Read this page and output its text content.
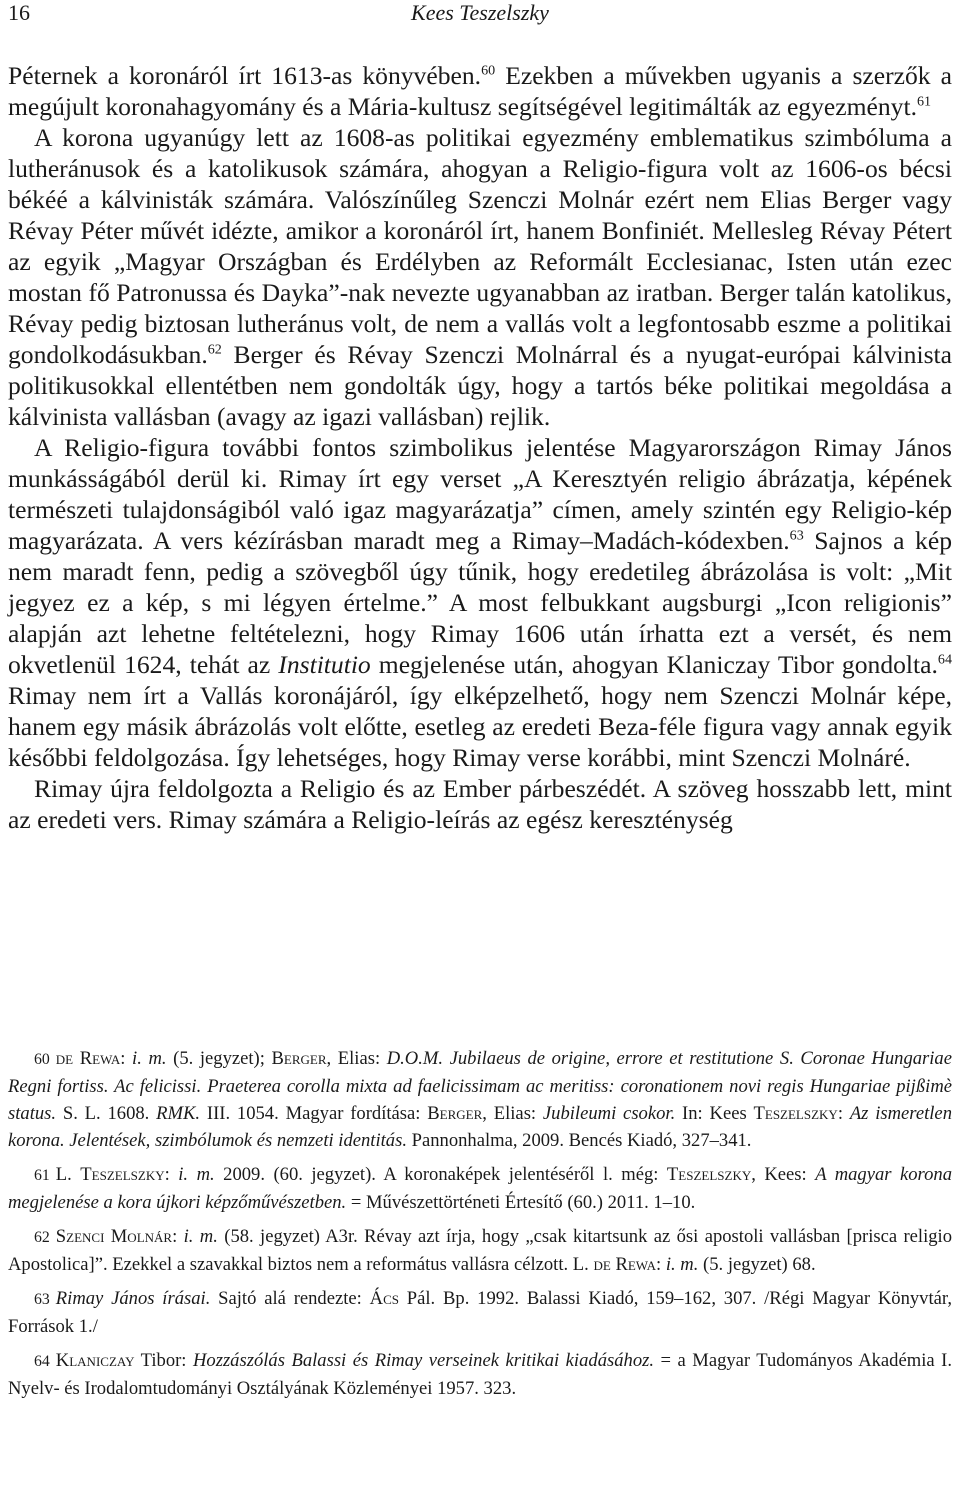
16	Kees Teszelszky

Péternek a koronáról írt 1613-as könyvében.$^{60}$ Ezekben a művekben ugyanis a szerzők a megújult koronahagyomány és a Mária-kultusz segítségével legitimálták az egyezményt.$^{61}$

A korona ugyanúgy lett az 1608-as politikai egyezmény emblematikus szimbóluma a lutheránusok és a katolikusok számára, ahogyan a Religio-figura volt az 1606-os bécsi békéé a kálvinisták számára. Valószínűleg Szenczi Molnár ezért nem Elias Berger vagy Révay Péter művét idézte, amikor a koronáról írt, hanem Bonfiniét. Mellesleg Révay Pétert az egyik „Magyar Országban és Erdélyben az Reformált Ecclesianac, Isten után ezec mostan fő Patronussa és Dayka”-nak nevezte ugyanabban az iratban. Berger talán katolikus, Révay pedig biztosan lutheránus volt, de nem a vallás volt a legfontosabb eszme a politikai gondolkodásukban.$^{62}$ Berger és Révay Szenczi Molnárral és a nyugat-európai kálvinista politikusokkal ellentétben nem gondolták úgy, hogy a tartós béke politikai megoldása a kálvinista vallásban (avagy az igazi vallásban) rejlik.

A Religio-figura további fontos szimbolikus jelentése Magyarországon Rimay János munkásságából derül ki. Rimay írt egy verset „A Keresztyén religio ábrázatja, képének természeti tulajdonságiból való igaz magyarázatja” címen, amely szintén egy Religio-kép magyarázata. A vers kézírásban maradt meg a Rimay–Madách-kódexben.$^{63}$ Sajnos a kép nem maradt fenn, pedig a szövegből úgy tűnik, hogy eredetileg ábrázolása is volt: „Mit jegyez ez a kép, s mi légyen értelme.” A most felbukkant augsburgi „Icon religionis” alapján azt lehetne feltételezni, hogy Rimay 1606 után írhatta ezt a versét, és nem okvetlenül 1624, tehát az Institutio megjelenése után, ahogyan Klaniczay Tibor gondolta.$^{64}$ Rimay nem írt a Vallás koronájáról, így elképzelhető, hogy nem Szenczi Molnár képe, hanem egy másik ábrázolás volt előtte, esetleg az eredeti Beza-féle figura vagy annak egyik későbbi feldolgozása. Így lehetséges, hogy Rimay verse korábbi, mint Szenczi Molnáré.

Rimay újra feldolgozta a Religio és az Ember párbeszédét. A szöveg hosszabb lett, mint az eredeti vers. Rimay számára a Religio-leírás az egész kereszténység

60 de Rewa: i. m. (5. jegyzet); Berger, Elias: D.O.M. Jubilaeus de origine, errore et restitutione S. Coronae Hungariae Regni fortiss. Ac felicissi. Praeterea corolla mixta ad faelicissimam ac meritiss: coronationem novi regis Hungariae pijßimè status. S. L. 1608. RMK. III. 1054. Magyar fordítása: Berger, Elias: Jubileumi csokor. In: Kees Teszelszky: Az ismeretlen korona. Jelentések, szimbólumok és nemzeti identitás. Pannonhalma, 2009. Bencés Kiadó, 327–341.

61 L. Teszelszky: i. m. 2009. (60. jegyzet). A koronaképek jelentéséről l. még: Teszelszky, Kees: A magyar korona megjelenése a kora újkori képzőművészetben. = Művészettörténeti Értesítő (60.) 2011. 1–10.

62 Szenci Molnár: i. m. (58. jegyzet) A3r. Révay azt írja, hogy „csak kitartsunk az ősi apostoli vallásban [prisca religio Apostolica]”. Ezekkel a szavakkal biztos nem a református vallásra célzott. L. de Rewa: i. m. (5. jegyzet) 68.

63 Rimay János írásai. Sajtó alá rendezte: Ács Pál. Bp. 1992. Balassi Kiadó, 159–162, 307. /Régi Magyar Könyvtár, Források 1./

64 Klaniczay Tibor: Hozzászólás Balassi és Rimay verseinek kritikai kiadásához. = a Magyar Tudományos Akadémia I. Nyelv- és Irodalomtudományi Osztályának Közleményei 1957. 323.
